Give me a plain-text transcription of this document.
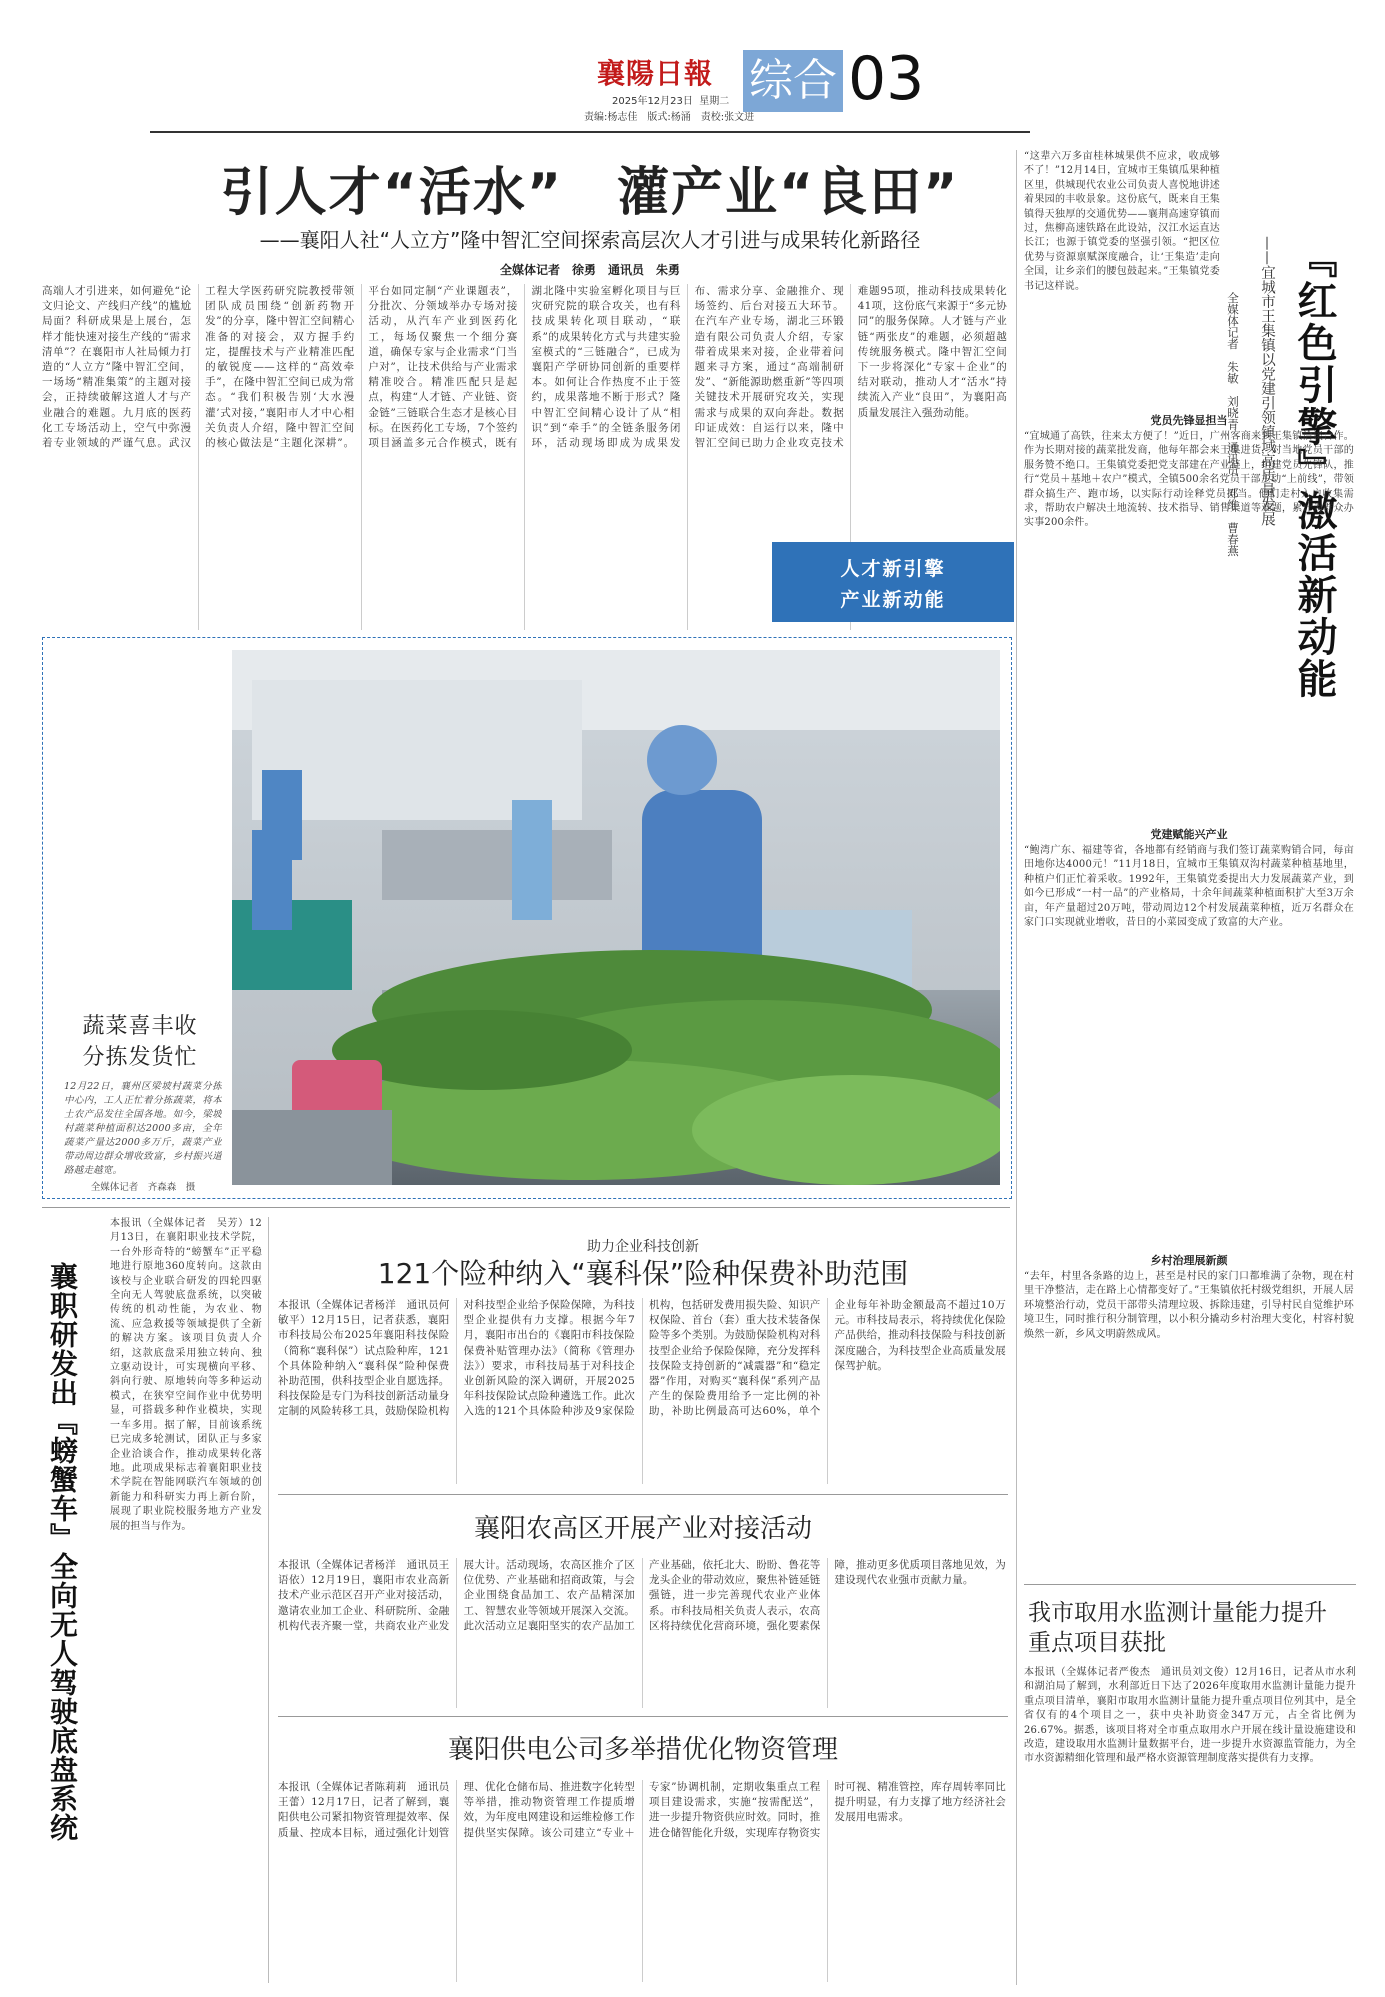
襄陽日報
2025年12月23日 星期二
责编:杨志佳　版式:杨涌　责校:张文进
综合 03
引人才“活水”　灌产业“良田”
——襄阳人社“人立方”隆中智汇空间探索高层次人才引进与成果转化新路径
全媒体记者　徐勇　通讯员　朱勇
高端人才引进来，如何避免“论文归论文、产线归产线”的尴尬局面？科研成果是上展台，怎样才能快速对接生产线的“需求清单”？在襄阳市人社局倾力打造的“人立方”隆中智汇空间，一场场“精准集策”的主题对接会，正持续破解这道人才与产业融合的难题。九月底的医药化工专场活动上，空气中弥漫着专业领域的严谨气息。武汉工程大学医药研究院教授带领团队成员围绕“创新药物开发”的分享，隆中智汇空间精心准备的对接会，双方握手约定，提醒技术与产业精准匹配的敏锐度——这样的“高效牵手”，在隆中智汇空间已成为常态。“我们积极告别‘大水漫灌’式对接，”襄阳市人才中心相关负责人介绍，隆中智汇空间的核心做法是“主题化深耕”。平台如同定制“产业课题表”，分批次、分领域举办专场对接活动，从汽车产业到医药化工，每场仅聚焦一个细分赛道，确保专家与企业需求“门当户对”，让技术供给与产业需求精准咬合。精准匹配只是起点，构建“人才链、产业链、资金链”三链联合生态才是核心目标。在医药化工专场，7个签约项目涵盖多元合作模式，既有湖北隆中实验室孵化项目与巨灾研究院的联合攻关，也有科技成果转化项目联动，“联系”的成果转化方式与共建实验室模式的“三链融合”，已成为襄阳产学研协同创新的重要样本。如何让合作热度不止于签约，成果落地不断于形式？隆中智汇空间精心设计了从“相识”到“牵手”的全链条服务闭环，活动现场即成为成果发布、需求分享、金融推介、现场签约、后台对接五大环节。在汽车产业专场，湖北三环锻造有限公司负责人介绍，专家带着成果来对接，企业带着问题来寻方案，通过“高端制研发”、“新能源助燃重新”等四项关键技术开展研究攻关，实现需求与成果的双向奔赴。数据印证成效：自运行以来，隆中智汇空间已助力企业攻克技术难题95项，推动科技成果转化41项，这份底气来源于“多元协同”的服务保障。人才链与产业链“两张皮”的难题，必须超越传统服务模式。隆中智汇空间下一步将深化“专家＋企业”的结对联动，推动人才“活水”持续流入产业“良田”，为襄阳高质量发展注入强劲动能。
人才新引擎
产业新动能
蔬菜喜丰收
分拣发货忙
12月22日，襄州区梁坡村蔬菜分拣中心内，工人正忙着分拣蔬菜，将本土农产品发往全国各地。如今，梁坡村蔬菜种植面积达2000多亩，全年蔬菜产量达2000多万斤，蔬菜产业带动周边群众增收致富，乡村振兴道路越走越宽。
全媒体记者　齐森森　摄
“这辈六万多亩桂林城果供不应求，收成够不了！”12月14日，宜城市王集镇瓜果种植区里，供城现代农业公司负责人喜悦地讲述着果园的丰收景象。这份底气，既来自王集镇得天独厚的交通优势——襄荆高速穿镇而过，焦柳高速铁路在此设站，汉江水运直达长江；也源于镇党委的坚强引领。“把区位优势与资源禀赋深度融合，让‘王集造’走向全国，让乡亲们的腰包鼓起来。”王集镇党委书记这样说。	『红色引擎』激活新动能
——宜城市王集镇以党建引领镇域高质量发展
全媒体记者　朱敏　刘晓青　通讯员　邓维　曹春燕
党员先锋显担当
“宜城通了高铁，往来太方便了！”近日，广州客商来到王集镇洽谈合作。作为长期对接的蔬菜批发商，他每年都会来王集进货，对当地党员干部的服务赞不绝口。王集镇党委把党支部建在产业链上，组建党员先锋队，推行“党员＋基地＋农户”模式，全镇500余名党员干部主动“上前线”，带领群众搞生产、跑市场，以实际行动诠释党员担当。他们走村入户收集需求，帮助农户解决土地流转、技术指导、销售渠道等难题，累计为群众办实事200余件。
党建赋能兴产业
“鲍湾广东、福建等省，各地都有经销商与我们签订蔬菜购销合同，每亩田地你达4000元！”11月18日，宜城市王集镇双沟村蔬菜种植基地里，种植户们正忙着采收。1992年，王集镇党委提出大力发展蔬菜产业，到如今已形成“一村一品”的产业格局，十余年间蔬菜种植面积扩大至3万余亩，年产量超过20万吨，带动周边12个村发展蔬菜种植，近万名群众在家门口实现就业增收，昔日的小菜园变成了致富的大产业。
乡村治理展新颜
“去年，村里各条路的边上，甚至是村民的家门口都堆满了杂物，现在村里干净整洁，走在路上心情都变好了。”王集镇依托村级党组织，开展人居环境整治行动，党员干部带头清理垃圾、拆除违建，引导村民自觉维护环境卫生，同时推行积分制管理，以小积分撬动乡村治理大变化，村容村貌焕然一新，乡风文明蔚然成风。
我市取用水监测计量能力提升重点项目获批
本报讯（全媒体记者严俊杰　通讯员刘文俊）12月16日，记者从市水利和湖泊局了解到，水利部近日下达了2026年度取用水监测计量能力提升重点项目清单，襄阳市取用水监测计量能力提升重点项目位列其中，是全省仅有的4个项目之一，获中央补助资金347万元，占全省比例为26.67%。据悉，该项目将对全市重点取用水户开展在线计量设施建设和改造，建设取用水监测计量数据平台，进一步提升水资源监管能力，为全市水资源精细化管理和最严格水资源管理制度落实提供有力支撑。
襄职研发出『螃蟹车』全向无人驾驶底盘系统
本报讯（全媒体记者　吴芳）12月13日，在襄阳职业技术学院，一台外形奇特的“螃蟹车”正平稳地进行原地360度转向。这款由该校与企业联合研发的四轮四驱全向无人驾驶底盘系统，以突破传统的机动性能，为农业、物流、应急救援等领域提供了全新的解决方案。该项目负责人介绍，这款底盘采用独立转向、独立驱动设计，可实现横向平移、斜向行驶、原地转向等多种运动模式，在狭窄空间作业中优势明显，可搭载多种作业模块，实现一车多用。据了解，目前该系统已完成多轮测试，团队正与多家企业洽谈合作，推动成果转化落地。此项成果标志着襄阳职业技术学院在智能网联汽车领域的创新能力和科研实力再上新台阶，展现了职业院校服务地方产业发展的担当与作为。
助力企业科技创新
121个险种纳入“襄科保”险种保费补助范围
本报讯（全媒体记者杨洋　通讯员何敏平）12月15日，记者获悉，襄阳市科技局公布2025年襄阳科技保险（简称“襄科保”）试点险种库，121个具体险种纳入“襄科保”险种保费补助范围，供科技型企业自愿选择。科技保险是专门为科技创新活动量身定制的风险转移工具，鼓励保险机构对科技型企业给予保险保障，为科技型企业提供有力支撑。根据今年7月，襄阳市出台的《襄阳市科技保险保费补贴管理办法》（简称《管理办法》）要求，市科技局基于对科技企业创新风险的深入调研，开展2025年科技保险试点险种遴选工作。此次入选的121个具体险种涉及9家保险机构，包括研发费用损失险、知识产权保险、首台（套）重大技术装备保险等多个类别。为鼓励保险机构对科技型企业给予保险保障，充分发挥科技保险支持创新的“减震器”和“稳定器”作用，对购买“襄科保”系列产品产生的保险费用给予一定比例的补助，补助比例最高可达60%，单个企业每年补助金额最高不超过10万元。市科技局表示，将持续优化保险产品供给，推动科技保险与科技创新深度融合，为科技型企业高质量发展保驾护航。
襄阳农高区开展产业对接活动
本报讯（全媒体记者杨洋　通讯员王语依）12月19日，襄阳市农业高新技术产业示范区召开产业对接活动，邀请农业加工企业、科研院所、金融机构代表齐聚一堂，共商农业产业发展大计。活动现场，农高区推介了区位优势、产业基础和招商政策，与会企业围绕食品加工、农产品精深加工、智慧农业等领域开展深入交流。此次活动立足襄阳坚实的农产品加工产业基础，依托北大、盼盼、鲁花等龙头企业的带动效应，聚焦补链延链强链，进一步完善现代农业产业体系。市科技局相关负责人表示，农高区将持续优化营商环境，强化要素保障，推动更多优质项目落地见效，为建设现代农业强市贡献力量。
襄阳供电公司多举措优化物资管理
本报讯（全媒体记者陈莉莉　通讯员王蕾）12月17日，记者了解到，襄阳供电公司紧扣物资管理提效率、保质量、控成本目标，通过强化计划管理、优化仓储布局、推进数字化转型等举措，推动物资管理工作提质增效，为年度电网建设和运维检修工作提供坚实保障。该公司建立“专业＋专家”协调机制，定期收集重点工程项目建设需求，实施“按需配送”，进一步提升物资供应时效。同时，推进仓储智能化升级，实现库存物资实时可视、精准管控，库存周转率同比提升明显，有力支撑了地方经济社会发展用电需求。
